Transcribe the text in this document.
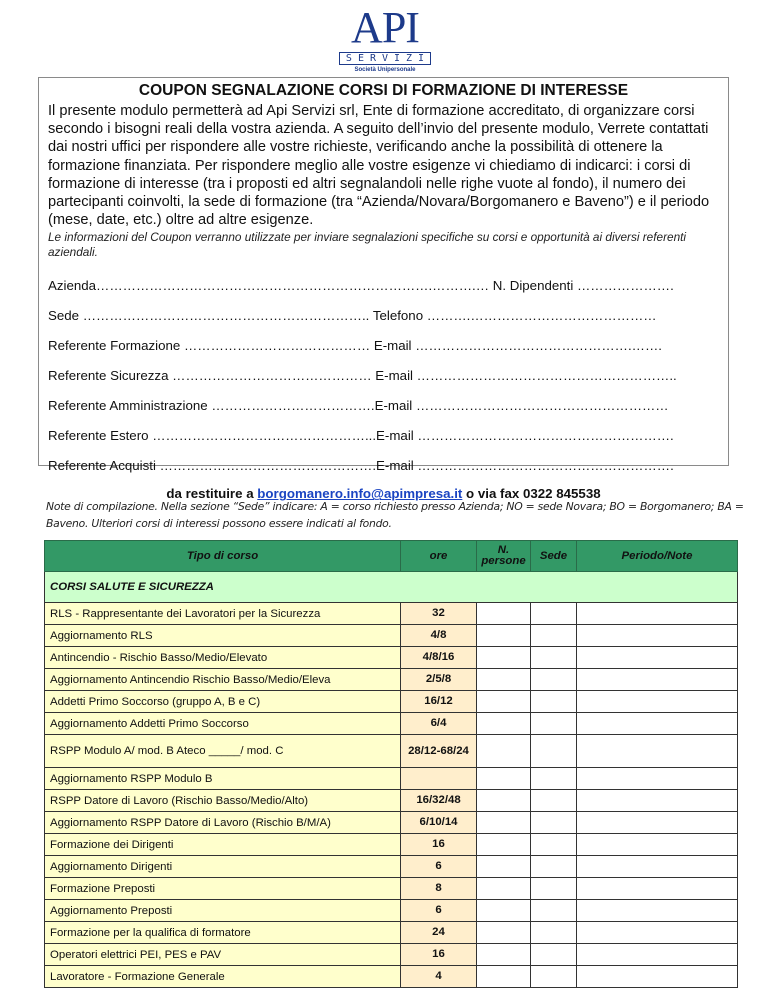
API
SERVIZI
Società Unipersonale
COUPON SEGNALAZIONE CORSI DI FORMAZIONE DI INTERESSE
Il presente modulo permetterà ad Api Servizi srl, Ente di formazione accreditato, di organizzare corsi secondo i bisogni reali della vostra azienda. A seguito dell’invio del presente modulo, Verrete contattati dai nostri uffici per rispondere alle vostre richieste, verificando anche la possibilità di ottenere la formazione finanziata. Per rispondere meglio alle vostre esigenze vi chiediamo di indicarci: i corsi di formazione di interesse (tra i proposti ed altri segnalandoli nelle righe vuote al fondo), il numero dei partecipanti coinvolti, la sede di formazione (tra “Azienda/Novara/Borgomanero e Baveno”) e il periodo (mese, date, etc.) oltre ad altre esigenze.
Le informazioni del Coupon verranno utilizzate per inviare segnalazioni specifiche su corsi e opportunità ai diversi referenti aziendali.
Azienda………………………………………………………………….……….… N. Dipendenti ………………….
Sede ……………………………………………………….. Telefono ……….……………………………………
Referente Formazione …………………………………… E-mail ………………………………………….…….
Referente Sicurezza ……………………………………… E-mail …………………………………………………..
Referente Amministrazione ……………………………….E-mail …………………………………………………
Referente Estero …………………………………………...E-mail ………………………………………………….
Referente Acquisti ………………………………………….E-mail ………………………………………………….
da restituire a borgomanero.info@apimpresa.it o via fax 0322 845538
Note di compilazione. Nella sezione “Sede” indicare: A = corso richiesto presso Azienda; NO = sede Novara; BO = Borgomanero; BA = Baveno. Ulteriori corsi di interessi possono essere indicati al fondo.
Tipo di corso	ore	N. persone	Sede	Periodo/Note
CORSI SALUTE E SICUREZZA				
RLS - Rappresentante dei Lavoratori per la Sicurezza	32			
Aggiornamento RLS	4/8			
Antincendio - Rischio Basso/Medio/Elevato	4/8/16			
Aggiornamento Antincendio Rischio Basso/Medio/Eleva	2/5/8			
Addetti Primo Soccorso (gruppo A, B e C)	16/12			
Aggiornamento Addetti Primo Soccorso	6/4			
RSPP Modulo A/ mod. B Ateco _____/ mod. C	28/12-68/24			
Aggiornamento RSPP Modulo B				
RSPP Datore di Lavoro (Rischio Basso/Medio/Alto)	16/32/48			
Aggiornamento RSPP Datore di Lavoro (Rischio B/M/A)	6/10/14			
Formazione dei Dirigenti	16			
Aggiornamento Dirigenti	6			
Formazione Preposti	8			
Aggiornamento Preposti	6			
Formazione per la qualifica di formatore	24			
Operatori elettrici PEI, PES e PAV	16			
Lavoratore - Formazione Generale	4			
